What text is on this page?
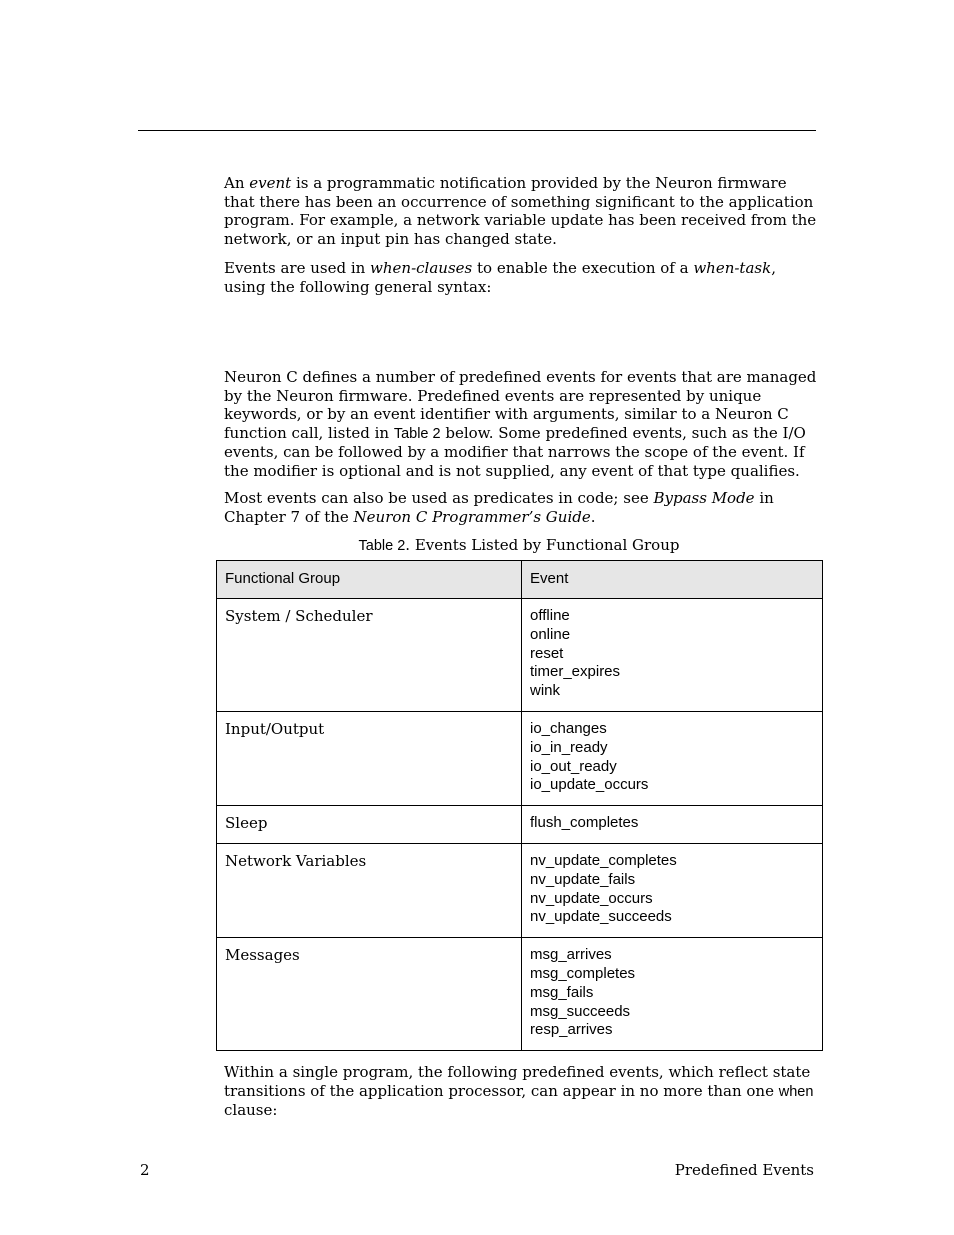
An event is a programmatic notification provided by the Neuron firmware that there has been an occurrence of something significant to the application program. For example, a network variable update has been received from the network, or an input pin has changed state.

Events are used in when-clauses to enable the execution of a when-task, using the following general syntax:

Neuron C defines a number of predefined events for events that are managed by the Neuron firmware. Predefined events are represented by unique keywords, or by an event identifier with arguments, similar to a Neuron C function call, listed in Table 2 below. Some predefined events, such as the I/O events, can be followed by a modifier that narrows the scope of the event. If the modifier is optional and is not supplied, any event of that type qualifies.

Most events can also be used as predicates in code; see Bypass Mode in Chapter 7 of the Neuron C Programmer’s Guide.

Table 2. Events Listed by Functional Group
Functional Group	Event
System / Scheduler	offline
online
reset
timer_expires
wink

Input/Output	io_changes
io_in_ready
io_out_ready
io_update_occurs

Sleep	flush_completes

Network Variables	nv_update_completes
nv_update_fails
nv_update_occurs
nv_update_succeeds

Messages	msg_arrives
msg_completes
msg_fails
msg_succeeds
resp_arrives

Within a single program, the following predefined events, which reflect state transitions of the application processor, can appear in no more than one when clause:

2	Predefined Events
